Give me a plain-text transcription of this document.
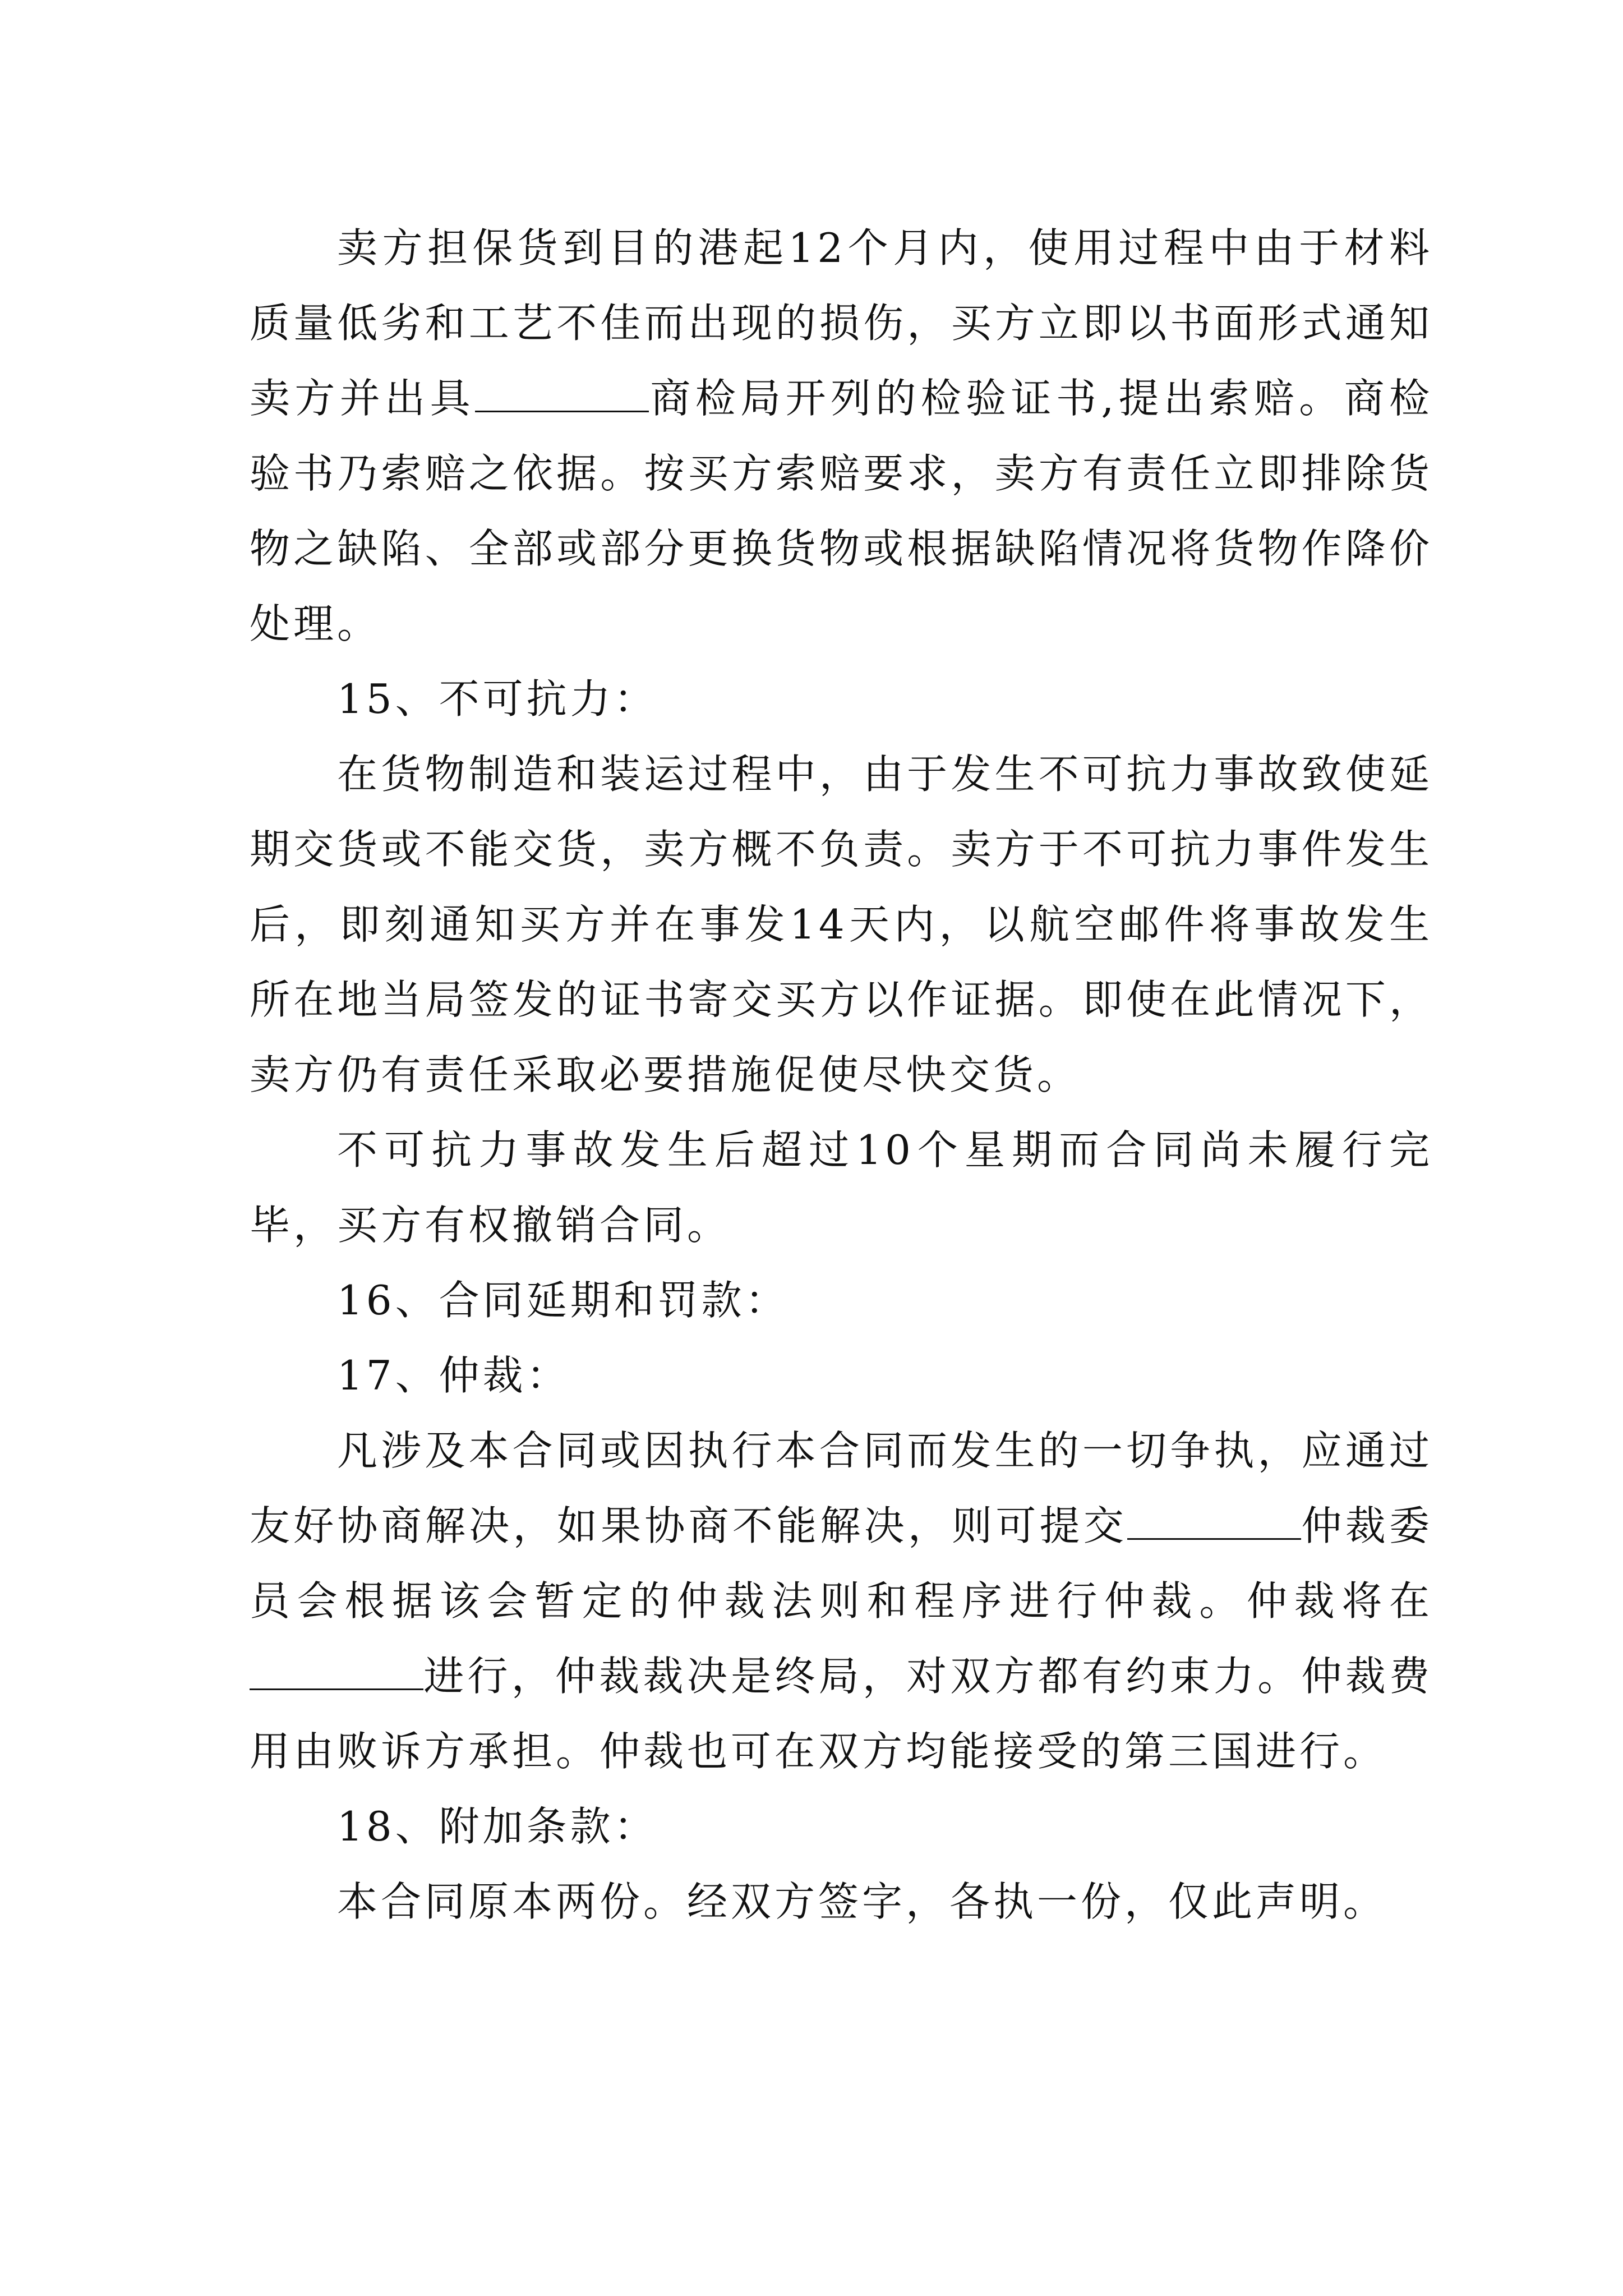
卖方担保货到目的港起12个月内，使用过程中由于材料质量低劣和工艺不佳而出现的损伤，买方立即以书面形式通知卖方并出具	商检局开列的检验证书,提出索赔。商检验书乃索赔之依据。按买方索赔要求，卖方有责任立即排除货物之缺陷、全部或部分更换货物或根据缺陷情况将货物作降价处理。

15、不可抗力：

在货物制造和装运过程中，由于发生不可抗力事故致使延期交货或不能交货，卖方概不负责。卖方于不可抗力事件发生后，即刻通知买方并在事发14天内，以航空邮件将事故发生所在地当局签发的证书寄交买方以作证据。即使在此情况下，卖方仍有责任采取必要措施促使尽快交货。

不可抗力事故发生后超过10个星期而合同尚未履行完毕，买方有权撤销合同。

16、合同延期和罚款：

17、仲裁：

凡涉及本合同或因执行本合同而发生的一切争执，应通过友好协商解决，如果协商不能解决，则可提交	仲裁委员会根据该会暂定的仲裁法则和程序进行仲裁。仲裁将在进行，仲裁裁决是终局，对双方都有约束力。仲裁费用由败诉方承担。仲裁也可在双方均能接受的第三国进行。

18、附加条款：

本合同原本两份。经双方签字，各执一份，仅此声明。
